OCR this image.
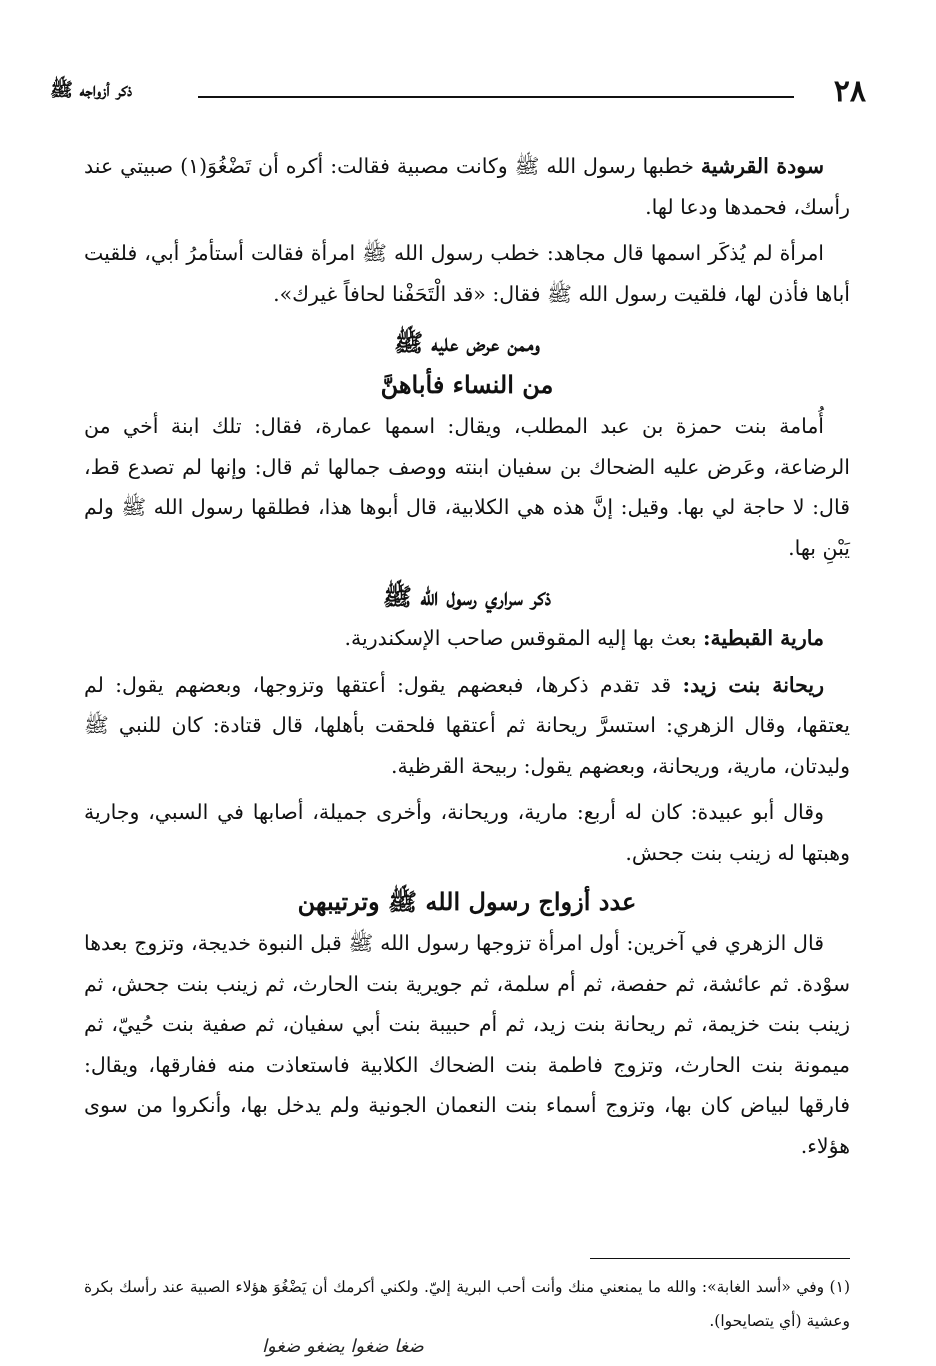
٢٨
ذكر أزواجه ﷺ

سودة القرشية خطبها رسول الله ﷺ وكانت مصبية فقالت: أكره أن تَضْغُوَ(١) صبيتي عند رأسك، فحمدها ودعا لها.

امرأة لم يُذكَر اسمها قال مجاهد: خطب رسول الله ﷺ امرأة فقالت أستأمرُ أبي، فلقيت أباها فأذن لها، فلقيت رسول الله ﷺ فقال: «قد الْتَحَفْنا لحافاً غيرك».

وممن عرض عليه ﷺ
من النساء فأباهنَّ

أُمامة بنت حمزة بن عبد المطلب، ويقال: اسمها عمارة، فقال: تلك ابنة أخي من الرضاعة، وعَرض عليه الضحاك بن سفيان ابنته ووصف جمالها ثم قال: وإنها لم تصدع قط، قال: لا حاجة لي بها. وقيل: إنَّ هذه هي الكلابية، قال أبوها هذا، فطلقها رسول الله ﷺ ولم يَبْنِ بها.

ذكر سراري رسول الله ﷺ

مارية القبطية: بعث بها إليه المقوقس صاحب الإسكندرية.

ريحانة بنت زيد: قد تقدم ذكرها، فبعضهم يقول: أعتقها وتزوجها، وبعضهم يقول: لم يعتقها، وقال الزهري: استسرَّ ريحانة ثم أعتقها فلحقت بأهلها، قال قتادة: كان للنبي ﷺ وليدتان، مارية، وريحانة، وبعضهم يقول: ربيحة القرظية.

وقال أبو عبيدة: كان له أربع: مارية، وريحانة، وأخرى جميلة، أصابها في السبي، وجارية وهبتها له زينب بنت جحش.

عدد أزواج رسول الله ﷺ وترتيبهن

قال الزهري في آخرين: أول امرأة تزوجها رسول الله ﷺ قبل النبوة خديجة، وتزوج بعدها سوْدة. ثم عائشة، ثم حفصة، ثم أم سلمة، ثم جويرية بنت الحارث، ثم زينب بنت جحش، ثم زينب بنت خزيمة، ثم ريحانة بنت زيد، ثم أم حبيبة بنت أبي سفيان، ثم صفية بنت حُييّ، ثم ميمونة بنت الحارث، وتزوج فاطمة بنت الضحاك الكلابية فاستعاذت منه ففارقها، ويقال: فارقها لبياض كان بها، وتزوج أسماء بنت النعمان الجونية ولم يدخل بها، وأنكروا من سوى هؤلاء.

(١) وفي «أسد الغابة»: والله ما يمنعني منك وأنت أحب البرية إليّ. ولكني أكرمك أن يَضْغُوَ هؤلاء الصبية عند رأسك بكرة وعشية (أي يتصايحوا).

ضغا ضغوا يضغو ضغوا
